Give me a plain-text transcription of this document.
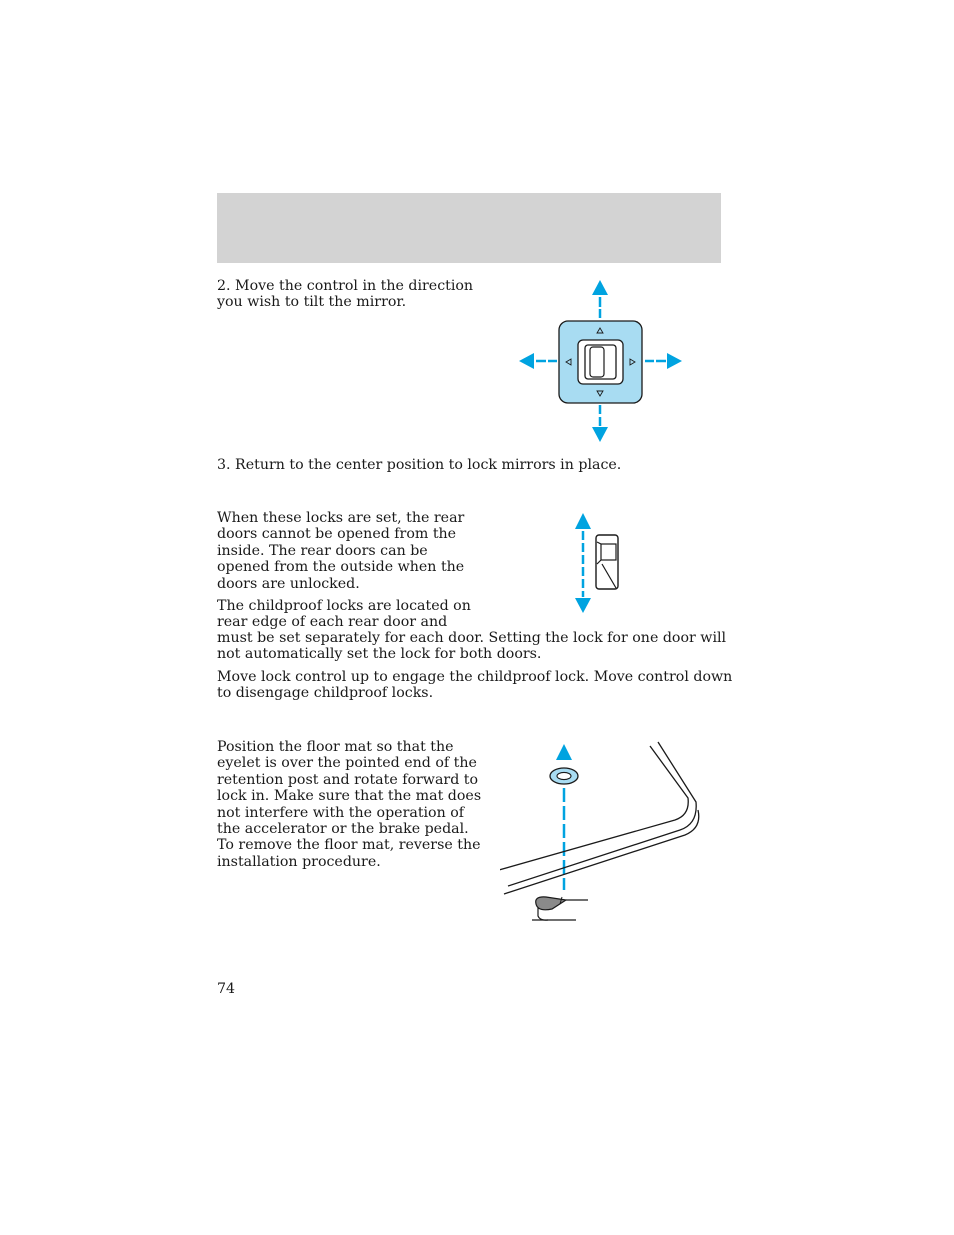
2. Move the control in the direction
you wish to tilt the mirror.

3. Return to the center position to lock mirrors in place.

When these locks are set, the rear
doors cannot be opened from the
inside. The rear doors can be
opened from the outside when the
doors are unlocked.

The childproof locks are located on
rear edge of each rear door and

must be set separately for each door. Setting the lock for one door will
not automatically set the lock for both doors.

Move lock control up to engage the childproof lock. Move control down
to disengage childproof locks.

Position the floor mat so that the
eyelet is over the pointed end of the
retention post and rotate forward to
lock in. Make sure that the mat does
not interfere with the operation of
the accelerator or the brake pedal.
To remove the floor mat, reverse the
installation procedure.

74
